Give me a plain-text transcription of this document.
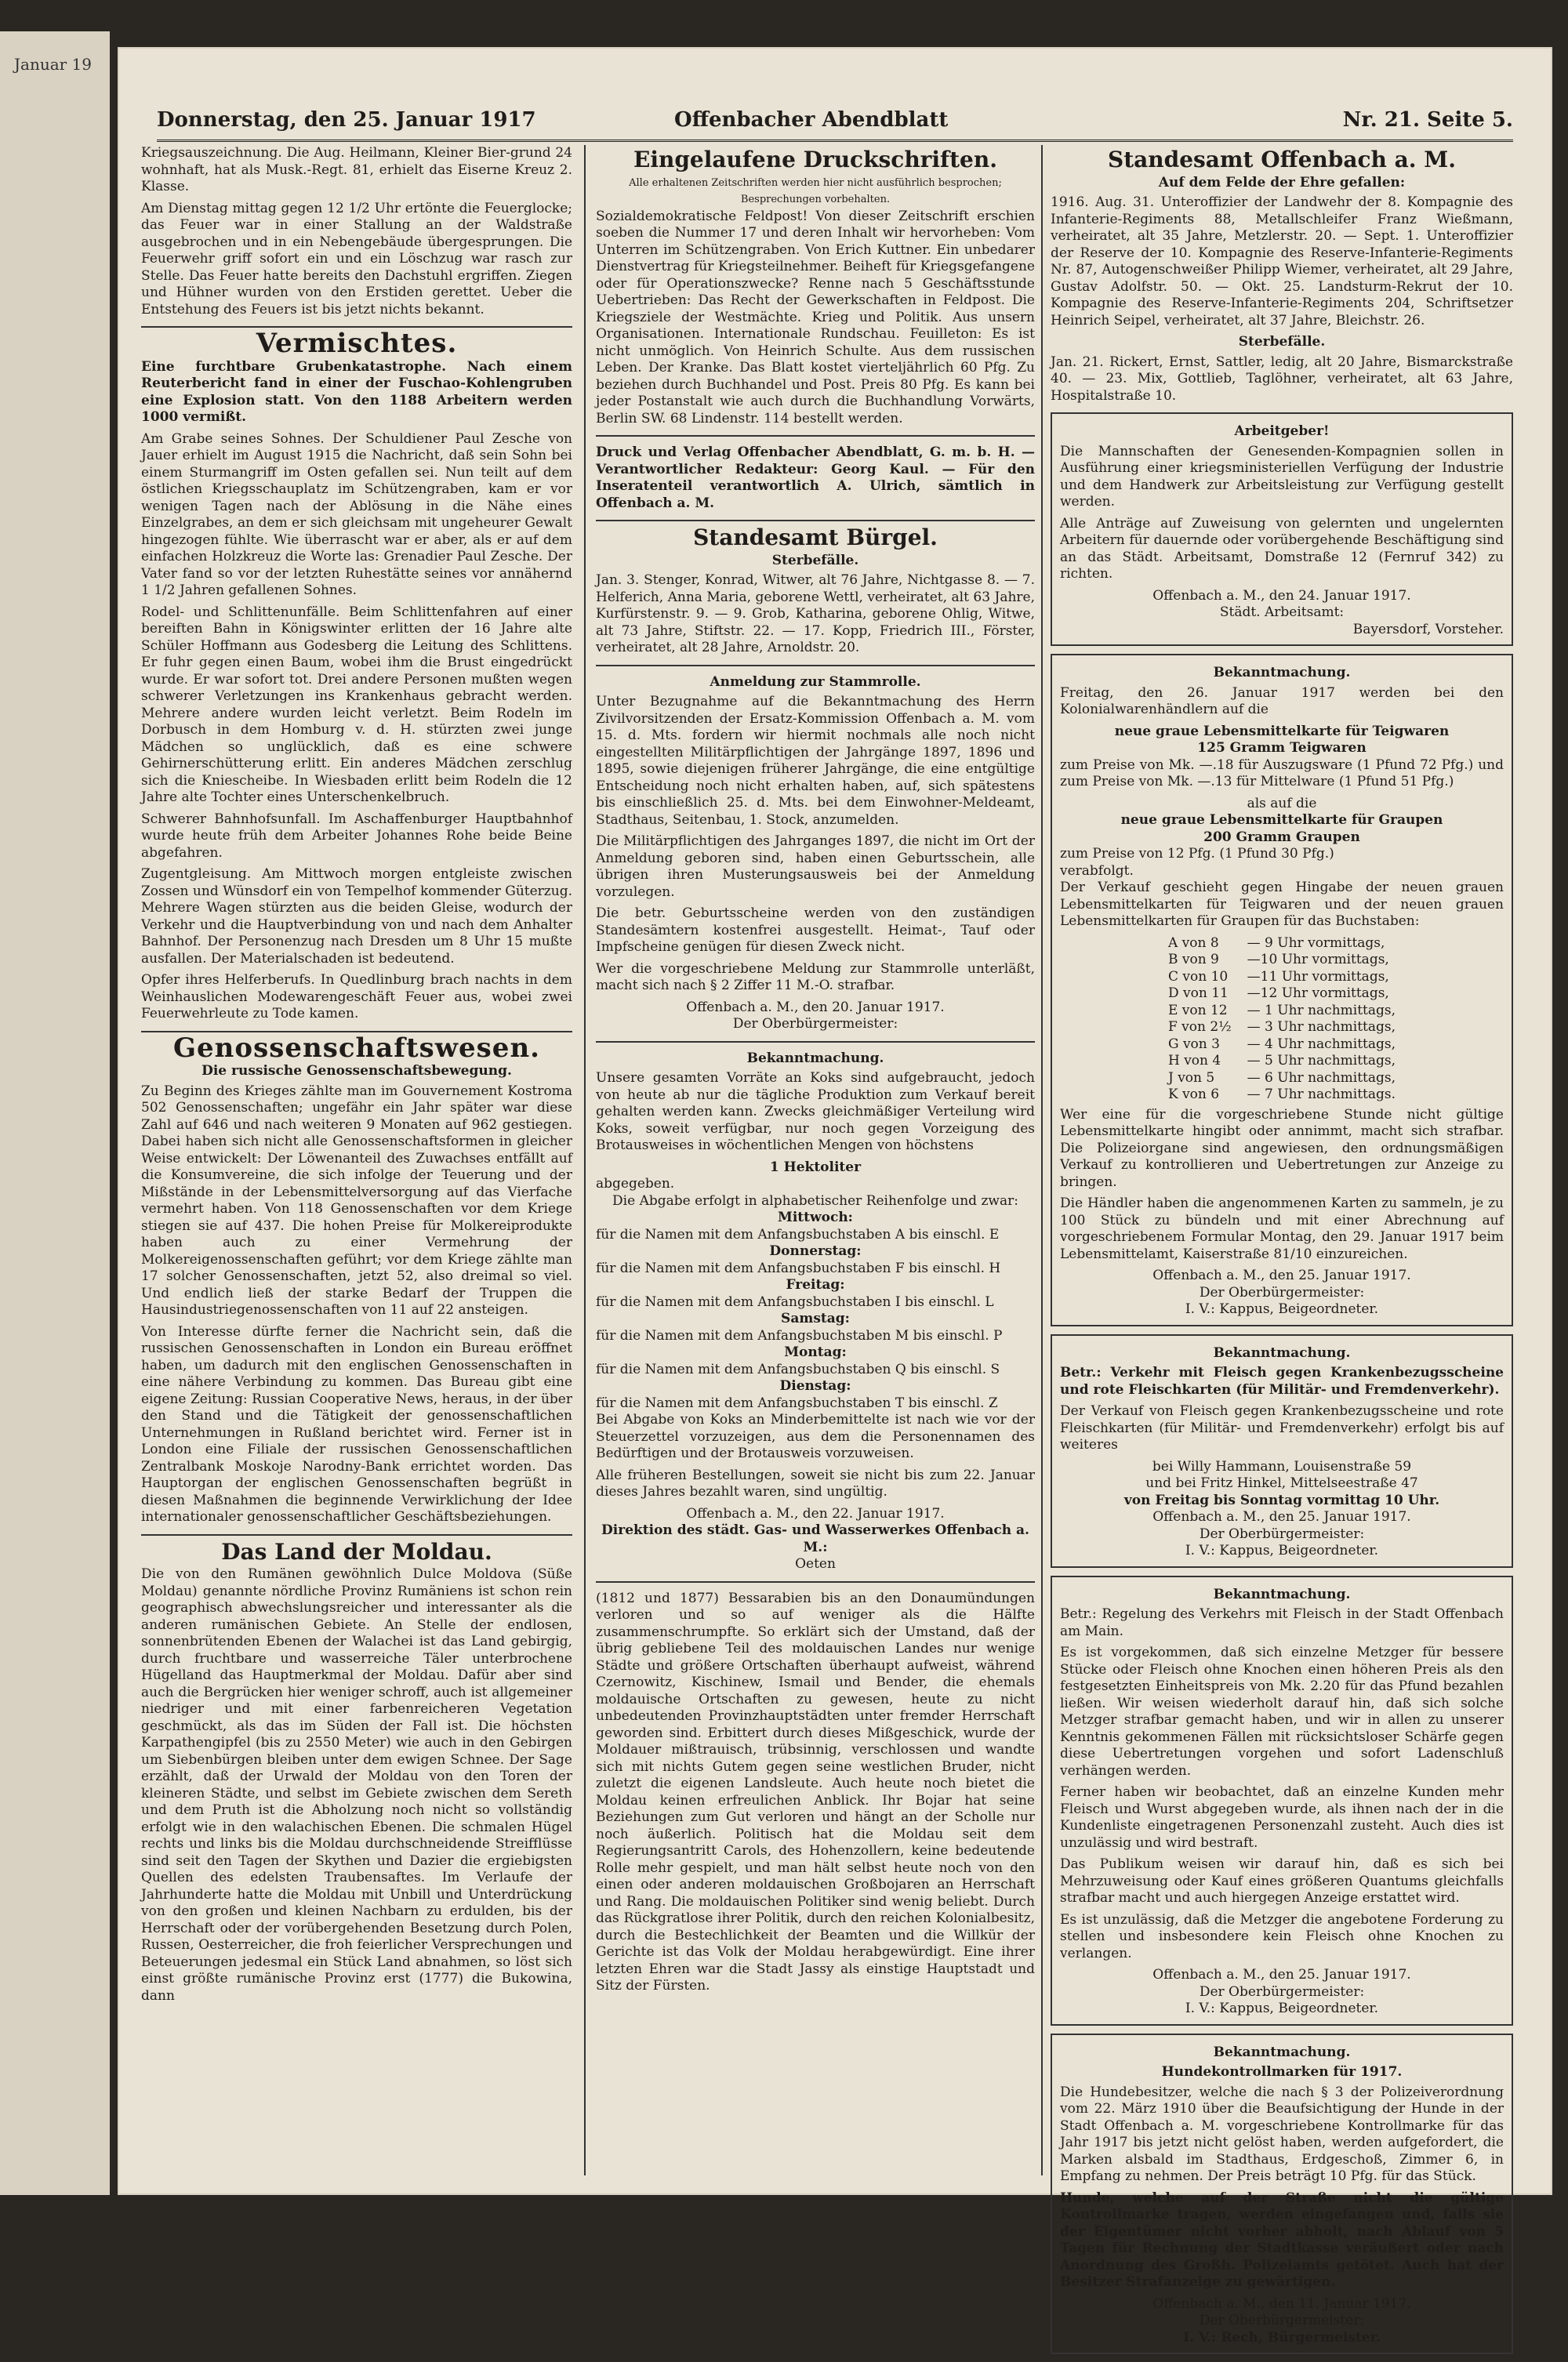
Januar 19
Donnerstag, den 25. Januar 1917	Offenbacher Abendblatt	Nr. 21. Seite 5.

Kriegsauszeichnung. Die Aug. Heilmann, Kleiner Bier-grund 24 wohnhaft, hat als Musk.-Regt. 81, erhielt das Eiserne Kreuz 2. Klasse.

Am Dienstag mittag gegen 12 1/2 Uhr ertönte die Feuerglocke; das Feuer war in einer Stallung an der Waldstraße ausgebrochen und in ein Nebengebäude übergesprungen. Die Feuerwehr griff sofort ein und ein Löschzug war rasch zur Stelle. Das Feuer hatte bereits den Dachstuhl ergriffen. Ziegen und Hühner wurden von den Erstiden gerettet. Ueber die Entstehung des Feuers ist bis jetzt nichts bekannt.

Vermischtes.

Eine furchtbare Grubenkatastrophe. Nach einem Reuterbericht fand in einer der Fuschao-Kohlengruben eine Explosion statt. Von den 1188 Arbeitern werden 1000 vermißt.

Am Grabe seines Sohnes. Der Schuldiener Paul Zesche von Jauer erhielt im August 1915 die Nachricht, daß sein Sohn bei einem Sturmangriff im Osten gefallen sei. Nun teilt auf dem östlichen Kriegsschauplatz im Schützengraben, kam er vor wenigen Tagen nach der Ablösung in die Nähe eines Einzelgrabes, an dem er sich gleichsam mit ungeheurer Gewalt hingezogen fühlte. Wie überrascht war er aber, als er auf dem einfachen Holzkreuz die Worte las: Grenadier Paul Zesche. Der Vater fand so vor der letzten Ruhestätte seines vor annähernd 1 1/2 Jahren gefallenen Sohnes.

Rodel- und Schlittenunfälle. Beim Schlittenfahren auf einer bereiften Bahn in Königswinter erlitten der 16 Jahre alte Schüler Hoffmann aus Godesberg die Leitung des Schlittens. Er fuhr gegen einen Baum, wobei ihm die Brust eingedrückt wurde. Er war sofort tot. Drei andere Personen mußten wegen schwerer Verletzungen ins Krankenhaus gebracht werden. Mehrere andere wurden leicht verletzt. Beim Rodeln im Dorbusch in dem Homburg v. d. H. stürzten zwei junge Mädchen so unglücklich, daß es eine schwere Gehirnerschütterung erlitt. Ein anderes Mädchen zerschlug sich die Kniescheibe. In Wiesbaden erlitt beim Rodeln die 12 Jahre alte Tochter eines Unterschenkelbruch.

Schwerer Bahnhofsunfall. Im Aschaffenburger Hauptbahnhof wurde heute früh dem Arbeiter Johannes Rohe beide Beine abgefahren.

Zugentgleisung. Am Mittwoch morgen entgleiste zwischen Zossen und Wünsdorf ein von Tempelhof kommender Güterzug. Mehrere Wagen stürzten aus die beiden Gleise, wodurch der Verkehr und die Hauptverbindung von und nach dem Anhalter Bahnhof. Der Personenzug nach Dresden um 8 Uhr 15 mußte ausfallen. Der Materialschaden ist bedeutend.

Opfer ihres Helferberufs. In Quedlinburg brach nachts in dem Weinhauslichen Modewarengeschäft Feuer aus, wobei zwei Feuerwehrleute zu Tode kamen.

Genossenschaftswesen.
Die russische Genossenschaftsbewegung.

Zu Beginn des Krieges zählte man im Gouvernement Kostroma 502 Genossenschaften; ungefähr ein Jahr später war diese Zahl auf 646 und nach weiteren 9 Monaten auf 962 gestiegen. Dabei haben sich nicht alle Genossenschaftsformen in gleicher Weise entwickelt: Der Löwenanteil des Zuwachses entfällt auf die Konsumvereine, die sich infolge der Teuerung und der Mißstände in der Lebensmittelversorgung auf das Vierfache vermehrt haben. Von 118 Genossenschaften vor dem Kriege stiegen sie auf 437. Die hohen Preise für Molkereiprodukte haben auch zu einer Vermehrung der Molkereigenossenschaften geführt; vor dem Kriege zählte man 17 solcher Genossenschaften, jetzt 52, also dreimal so viel. Und endlich ließ der starke Bedarf der Truppen die Hausindustriegenossenschaften von 11 auf 22 ansteigen.

Von Interesse dürfte ferner die Nachricht sein, daß die russischen Genossenschaften in London ein Bureau eröffnet haben, um dadurch mit den englischen Genossenschaften in eine nähere Verbindung zu kommen. Das Bureau gibt eine eigene Zeitung: Russian Cooperative News, heraus, in der über den Stand und die Tätigkeit der genossenschaftlichen Unternehmungen in Rußland berichtet wird. Ferner ist in London eine Filiale der russischen Genossenschaftlichen Zentralbank Moskoje Narodny-Bank errichtet worden. Das Hauptorgan der englischen Genossenschaften begrüßt in diesen Maßnahmen die beginnende Verwirklichung der Idee internationaler genossenschaftlicher Geschäftsbeziehungen.

Das Land der Moldau.

Die von den Rumänen gewöhnlich Dulce Moldova (Süße Moldau) genannte nördliche Provinz Rumäniens ist schon rein geographisch abwechslungsreicher und interessanter als die anderen rumänischen Gebiete. An Stelle der endlosen, sonnenbrütenden Ebenen der Walachei ist das Land gebirgig, durch fruchtbare und wasserreiche Täler unterbrochene Hügelland das Hauptmerkmal der Moldau. Dafür aber sind auch die Bergrücken hier weniger schroff, auch ist allgemeiner niedriger und mit einer farbenreicheren Vegetation geschmückt, als das im Süden der Fall ist. Die höchsten Karpathengipfel (bis zu 2550 Meter) wie auch in den Gebirgen um Siebenbürgen bleiben unter dem ewigen Schnee. Der Sage erzählt, daß der Urwald der Moldau von den Toren der kleineren Städte, und selbst im Gebiete zwischen dem Sereth und dem Pruth ist die Abholzung noch nicht so vollständig erfolgt wie in den walachischen Ebenen. Die schmalen Hügel rechts und links bis die Moldau durchschneidende Streifflüsse sind seit den Tagen der Skythen und Dazier die ergiebigsten Quellen des edelsten Traubensaftes. Im Verlaufe der Jahrhunderte hatte die Moldau mit Unbill und Unterdrückung von den großen und kleinen Nachbarn zu erdulden, bis der Herrschaft oder der vorübergehenden Besetzung durch Polen, Russen, Oesterreicher, die froh feierlicher Versprechungen und Beteuerungen jedesmal ein Stück Land abnahmen, so löst sich einst größte rumänische Provinz erst (1777) die Bukowina, dann

Eingelaufene Druckschriften.
Alle erhaltenen Zeitschriften werden hier nicht ausführlich besprochen; Besprechungen vorbehalten.

Sozialdemokratische Feldpost! Von dieser Zeitschrift erschien soeben die Nummer 17 und deren Inhalt wir hervorheben: Vom Unterren im Schützengraben. Von Erich Kuttner. Ein unbedarer Dienstvertrag für Kriegsteilnehmer. Beiheft für Kriegsgefangene oder für Operationszwecke? Renne nach 5 Geschäftsstunde Uebertrieben: Das Recht der Gewerkschaften in Feldpost. Die Kriegsziele der Westmächte. Krieg und Politik. Aus unsern Organisationen. Internationale Rundschau. Feuilleton: Es ist nicht unmöglich. Von Heinrich Schulte. Aus dem russischen Leben. Der Kranke. Das Blatt kostet vierteljährlich 60 Pfg. Zu beziehen durch Buchhandel und Post. Preis 80 Pfg. Es kann bei jeder Postanstalt wie auch durch die Buchhandlung Vorwärts, Berlin SW. 68 Lindenstr. 114 bestellt werden.

Druck und Verlag Offenbacher Abendblatt, G. m. b. H. — Verantwortlicher Redakteur: Georg Kaul. — Für den Inseratenteil verantwortlich A. Ulrich, sämtlich in Offenbach a. M.

Standesamt Bürgel.
Sterbefälle.

Jan. 3. Stenger, Konrad, Witwer, alt 76 Jahre, Nichtgasse 8. — 7. Helferich, Anna Maria, geborene Wettl, verheiratet, alt 63 Jahre, Kurfürstenstr. 9. — 9. Grob, Katharina, geborene Ohlig, Witwe, alt 73 Jahre, Stiftstr. 22. — 17. Kopp, Friedrich III., Förster, verheiratet, alt 28 Jahre, Arnoldstr. 20.

Anmeldung zur Stammrolle.

Unter Bezugnahme auf die Bekanntmachung des Herrn Zivilvorsitzenden der Ersatz-Kommission Offenbach a. M. vom 15. d. Mts. fordern wir hiermit nochmals alle noch nicht eingestellten Militärpflichtigen der Jahrgänge 1897, 1896 und 1895, sowie diejenigen früherer Jahrgänge, die eine entgültige Entscheidung noch nicht erhalten haben, auf, sich spätestens bis einschließlich 25. d. Mts. bei dem Einwohner-Meldeamt, Stadthaus, Seitenbau, 1. Stock, anzumelden.

Die Militärpflichtigen des Jahrganges 1897, die nicht im Ort der Anmeldung geboren sind, haben einen Geburtsschein, alle übrigen ihren Musterungsausweis bei der Anmeldung vorzulegen.

Die betr. Geburtsscheine werden von den zuständigen Standesämtern kostenfrei ausgestellt. Heimat-, Tauf oder Impfscheine genügen für diesen Zweck nicht.

Wer die vorgeschriebene Meldung zur Stammrolle unterläßt, macht sich nach § 2 Ziffer 11 M.-O. strafbar.

Offenbach a. M., den 20. Januar 1917.
Der Oberbürgermeister:
Bekanntmachung.

Unsere gesamten Vorräte an Koks sind aufgebraucht, jedoch von heute ab nur die tägliche Produktion zum Verkauf bereit gehalten werden kann. Zwecks gleichmäßiger Verteilung wird Koks, soweit verfügbar, nur noch gegen Vorzeigung des Brotausweises in wöchentlichen Mengen von höchstens

1 Hektoliter
abgegeben.
Die Abgabe erfolgt in alphabetischer Reihenfolge und zwar:
Mittwoch:
für die Namen mit dem Anfangsbuchstaben A bis einschl. E
Donnerstag:
für die Namen mit dem Anfangsbuchstaben F bis einschl. H
Freitag:
für die Namen mit dem Anfangsbuchstaben I bis einschl. L
Samstag:
für die Namen mit dem Anfangsbuchstaben M bis einschl. P
Montag:
für die Namen mit dem Anfangsbuchstaben Q bis einschl. S
Dienstag:
für die Namen mit dem Anfangsbuchstaben T bis einschl. Z

Bei Abgabe von Koks an Minderbemittelte ist nach wie vor der Steuerzettel vorzuzeigen, aus dem die Personennamen des Bedürftigen und der Brotausweis vorzuweisen.

Alle früheren Bestellungen, soweit sie nicht bis zum 22. Januar dieses Jahres bezahlt waren, sind ungültig.

Offenbach a. M., den 22. Januar 1917.
Direktion des städt. Gas- und Wasserwerkes Offenbach a. M.:
Oeten

(1812 und 1877) Bessarabien bis an den Donaumündungen verloren und so auf weniger als die Hälfte zusammenschrumpfte. So erklärt sich der Umstand, daß der übrig gebliebene Teil des moldauischen Landes nur wenige Städte und größere Ortschaften überhaupt aufweist, während Czernowitz, Kischinew, Ismail und Bender, die ehemals moldauische Ortschaften zu gewesen, heute zu nicht unbedeutenden Provinzhauptstädten unter fremder Herrschaft geworden sind. Erbittert durch dieses Mißgeschick, wurde der Moldauer mißtrauisch, trübsinnig, verschlossen und wandte sich mit nichts Gutem gegen seine westlichen Bruder, nicht zuletzt die eigenen Landsleute. Auch heute noch bietet die Moldau keinen erfreulichen Anblick. Ihr Bojar hat seine Beziehungen zum Gut verloren und hängt an der Scholle nur noch äußerlich. Politisch hat die Moldau seit dem Regierungsantritt Carols, des Hohenzollern, keine bedeutende Rolle mehr gespielt, und man hält selbst heute noch von den einen oder anderen moldauischen Großbojaren an Herrschaft und Rang. Die moldauischen Politiker sind wenig beliebt. Durch das Rückgratlose ihrer Politik, durch den reichen Kolonialbesitz, durch die Bestechlichkeit der Beamten und die Willkür der Gerichte ist das Volk der Moldau herabgewürdigt. Eine ihrer letzten Ehren war die Stadt Jassy als einstige Hauptstadt und Sitz der Fürsten.

Standesamt Offenbach a. M.
Auf dem Felde der Ehre gefallen:

1916. Aug. 31. Unteroffizier der Landwehr der 8. Kompagnie des Infanterie-Regiments 88, Metallschleifer Franz Wießmann, verheiratet, alt 35 Jahre, Metzlerstr. 20. — Sept. 1. Unteroffizier der Reserve der 10. Kompagnie des Reserve-Infanterie-Regiments Nr. 87, Autogenschweißer Philipp Wiemer, verheiratet, alt 29 Jahre, Gustav Adolfstr. 50. — Okt. 25. Landsturm-Rekrut der 10. Kompagnie des Reserve-Infanterie-Regiments 204, Schriftsetzer Heinrich Seipel, verheiratet, alt 37 Jahre, Bleichstr. 26.

Sterbefälle.

Jan. 21. Rickert, Ernst, Sattler, ledig, alt 20 Jahre, Bismarckstraße 40. — 23. Mix, Gottlieb, Taglöhner, verheiratet, alt 63 Jahre, Hospitalstraße 10.

Arbeitgeber!

Die Mannschaften der Genesenden-Kompagnien sollen in Ausführung einer kriegsministeriellen Verfügung der Industrie und dem Handwerk zur Arbeitsleistung zur Verfügung gestellt werden.

Alle Anträge auf Zuweisung von gelernten und ungelernten Arbeitern für dauernde oder vorübergehende Beschäftigung sind an das Städt. Arbeitsamt, Domstraße 12 (Fernruf 342) zu richten.

Offenbach a. M., den 24. Januar 1917.
Städt. Arbeitsamt:
Bayersdorf, Vorsteher.
Bekanntmachung.

Freitag, den 26. Januar 1917 werden bei den Kolonialwarenhändlern auf die

neue graue Lebensmittelkarte für Teigwaren
125 Gramm Teigwaren

zum Preise von Mk. —.18 für Auszugsware (1 Pfund 72 Pfg.) und zum Preise von Mk. —.13 für Mittelware (1 Pfund 51 Pfg.)

als auf die
neue graue Lebensmittelkarte für Graupen
200 Gramm Graupen
zum Preise von 12 Pfg. (1 Pfund 30 Pfg.)
verabfolgt.

Der Verkauf geschieht gegen Hingabe der neuen grauen Lebensmittelkarten für Teigwaren und der neuen grauen Lebensmittelkarten für Graupen für das Buchstaben:

A von 8	— 9 Uhr vormittags,
B von 9	—10 Uhr vormittags,
C von 10	—11 Uhr vormittags,
D von 11	—12 Uhr vormittags,
E von 12	— 1 Uhr nachmittags,
F von 2½	— 3 Uhr nachmittags,
G von 3	— 4 Uhr nachmittags,
H von 4	— 5 Uhr nachmittags,
J von 5	— 6 Uhr nachmittags,
K von 6	— 7 Uhr nachmittags.

Wer eine für die vorgeschriebene Stunde nicht gültige Lebensmittelkarte hingibt oder annimmt, macht sich strafbar. Die Polizeiorgane sind angewiesen, den ordnungsmäßigen Verkauf zu kontrollieren und Uebertretungen zur Anzeige zu bringen.

Die Händler haben die angenommenen Karten zu sammeln, je zu 100 Stück zu bündeln und mit einer Abrechnung auf vorgeschriebenem Formular Montag, den 29. Januar 1917 beim Lebensmittelamt, Kaiserstraße 81/10 einzureichen.

Offenbach a. M., den 25. Januar 1917.
Der Oberbürgermeister:
I. V.: Kappus, Beigeordneter.
Bekanntmachung.

Betr.: Verkehr mit Fleisch gegen Krankenbezugsscheine und rote Fleischkarten (für Militär- und Fremdenverkehr).

Der Verkauf von Fleisch gegen Krankenbezugsscheine und rote Fleischkarten (für Militär- und Fremdenverkehr) erfolgt bis auf weiteres

bei Willy Hammann, Louisenstraße 59
und bei Fritz Hinkel, Mittelseestraße 47
von Freitag bis Sonntag vormittag 10 Uhr.
Offenbach a. M., den 25. Januar 1917.
Der Oberbürgermeister:
I. V.: Kappus, Beigeordneter.
Bekanntmachung.

Betr.: Regelung des Verkehrs mit Fleisch in der Stadt Offenbach am Main.

Es ist vorgekommen, daß sich einzelne Metzger für bessere Stücke oder Fleisch ohne Knochen einen höheren Preis als den festgesetzten Einheitspreis von Mk. 2.20 für das Pfund bezahlen ließen. Wir weisen wiederholt darauf hin, daß sich solche Metzger strafbar gemacht haben, und wir in allen zu unserer Kenntnis gekommenen Fällen mit rücksichtsloser Schärfe gegen diese Uebertretungen vorgehen und sofort Ladenschluß verhängen werden.

Ferner haben wir beobachtet, daß an einzelne Kunden mehr Fleisch und Wurst abgegeben wurde, als ihnen nach der in die Kundenliste eingetragenen Personenzahl zusteht. Auch dies ist unzulässig und wird bestraft.

Das Publikum weisen wir darauf hin, daß es sich bei Mehrzuweisung oder Kauf eines größeren Quantums gleichfalls strafbar macht und auch hiergegen Anzeige erstattet wird.

Es ist unzulässig, daß die Metzger die angebotene Forderung zu stellen und insbesondere kein Fleisch ohne Knochen zu verlangen.

Offenbach a. M., den 25. Januar 1917.
Der Oberbürgermeister:
I. V.: Kappus, Beigeordneter.
Bekanntmachung.
Hundekontrollmarken für 1917.

Die Hundebesitzer, welche die nach § 3 der Polizeiverordnung vom 22. März 1910 über die Beaufsichtigung der Hunde in der Stadt Offenbach a. M. vorgeschriebene Kontrollmarke für das Jahr 1917 bis jetzt nicht gelöst haben, werden aufgefordert, die Marken alsbald im Stadthaus, Erdgeschoß, Zimmer 6, in Empfang zu nehmen. Der Preis beträgt 10 Pfg. für das Stück.

Hunde, welche auf der Straße nicht die gültige Kontrollmarke tragen, werden eingefangen und, falls sie der Eigentümer nicht vorher abholt, nach Ablauf von 5 Tagen für Rechnung der Stadtkasse veräußert oder nach Anordnung des Großh. Polizeiamts getötet. Auch hat der Besitzer Strafanzeige zu gewärtigen.

Offenbach a. M., den 11. Januar 1917.
Der Oberbürgermeister:
I. V.: Rech, Bürgermeister.
